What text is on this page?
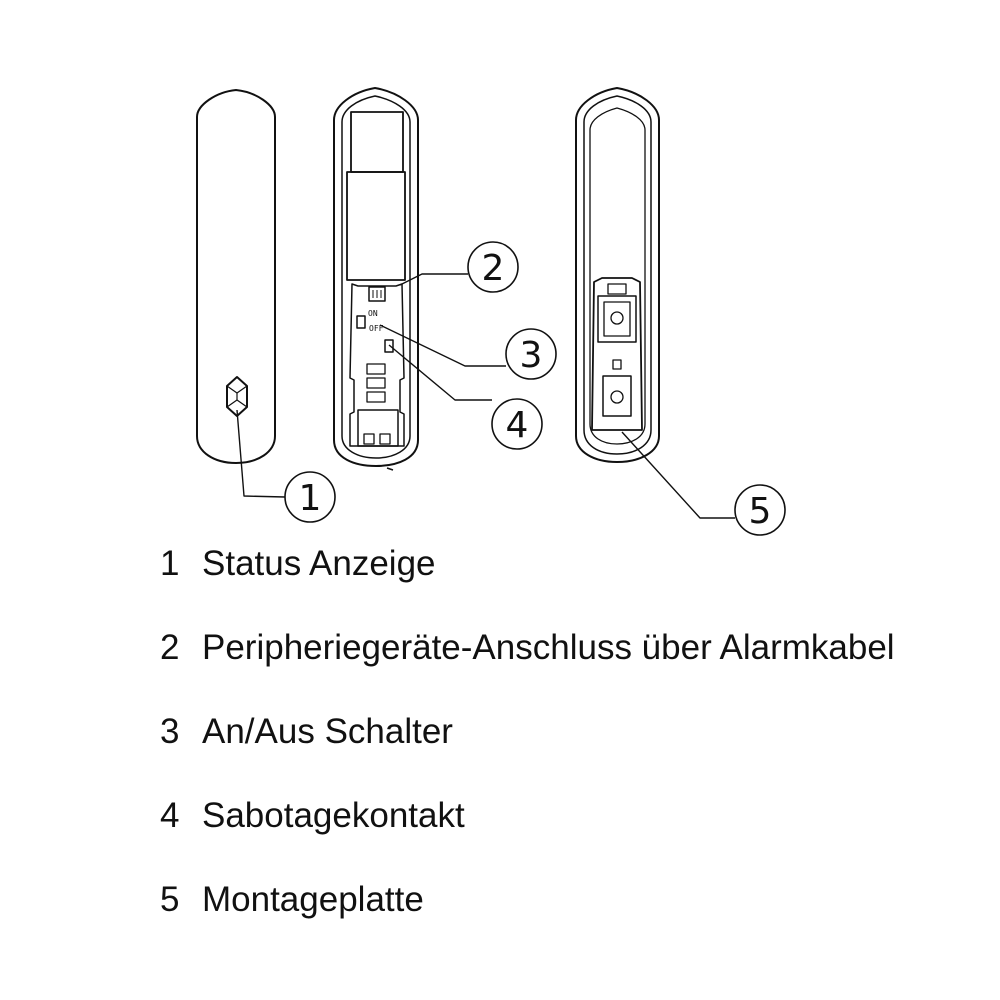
ON
OFF
1
2
3
4
5
1 Status Anzeige
2 Peripheriegeräte-Anschluss über Alarmkabel
3 An/Aus Schalter
4 Sabotagekontakt
5 Montageplatte
